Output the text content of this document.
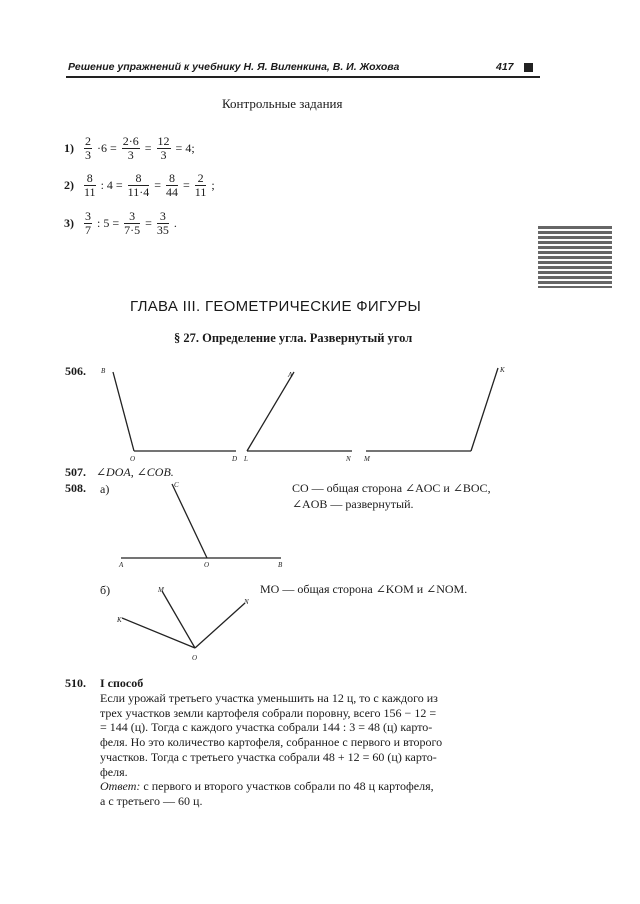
Решение упражнений к учебнику Н. Я. Виленкина, В. И. Жохова	417
Контрольные задания
$1) \frac{2}{3} \cdot 6 = \frac{2\cdot 6}{3} = \frac{12}{3} = 4$;
$2) \frac{8}{11}$ : $4 = \frac{8}{11\cdot 4} = \frac{8}{44} = \frac{2}{11}$ ;
$3) \frac{3}{7}$ : $5 = \frac{3}{7\cdot 5} = \frac{3}{35}$ .
ГЛАВА III. ГЕОМЕТРИЧЕСКИЕ ФИГУРЫ
§ 27. Определение угла. Развернутый угол
506.
507. ∠DOA, ∠COB.
508. а)	CO — общая сторона ∠AOC и ∠BOC,
∠AOB — развернутый.
б)	MO — общая сторона ∠KOM и ∠NOM.
B
O	D
A
L	N M
K
C
A	O	B
M
K
N
O
510. I способ
Если урожай третьего участка уменьшить на 12 ц, то с каждого из
трех участков земли картофеля собрали поровну, всего 156 − 12 =
= 144 (ц). Тогда с каждого участка собрали 144 : 3 = 48 (ц) карто-
феля. Но это количество картофеля, собранное с первого и второго
участков. Тогда с третьего участка собрали 48 + 12 = 60 (ц) карто-
феля.
Ответ: с первого и второго участков собрали по 48 ц картофеля,
а с третьего — 60 ц.
